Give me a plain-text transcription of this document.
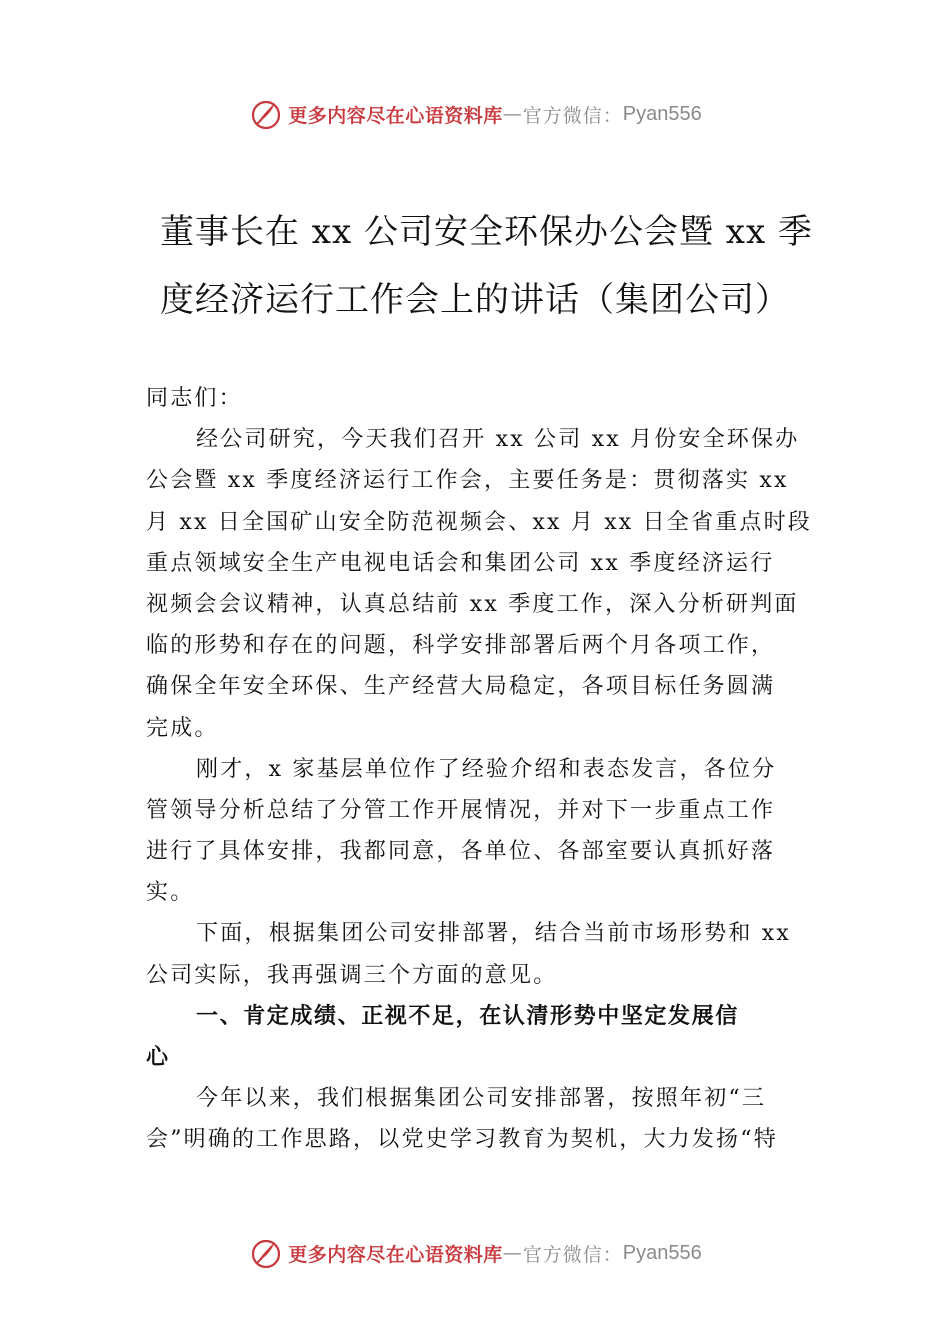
更多内容尽在心语资料库 — 官方微信： Pyan556
董事长在 xx 公司安全环保办公会暨 xx 季
度经济运行工作会上的讲话（集团公司）
同志们：
经公司研究，今天我们召开 xx 公司 xx 月份安全环保办
公会暨 xx 季度经济运行工作会，主要任务是：贯彻落实 xx
月 xx 日全国矿山安全防范视频会、xx 月 xx 日全省重点时段
重点领域安全生产电视电话会和集团公司 xx 季度经济运行
视频会会议精神，认真总结前 xx 季度工作，深入分析研判面
临的形势和存在的问题，科学安排部署后两个月各项工作，
确保全年安全环保、生产经营大局稳定，各项目标任务圆满
完成。
刚才，x 家基层单位作了经验介绍和表态发言，各位分
管领导分析总结了分管工作开展情况，并对下一步重点工作
进行了具体安排，我都同意，各单位、各部室要认真抓好落
实。
下面，根据集团公司安排部署，结合当前市场形势和 xx
公司实际，我再强调三个方面的意见。
一、肯定成绩、正视不足，在认清形势中坚定发展信
心
今年以来，我们根据集团公司安排部署，按照年初“三
会”明确的工作思路，以党史学习教育为契机，大力发扬“特
更多内容尽在心语资料库 — 官方微信： Pyan556
